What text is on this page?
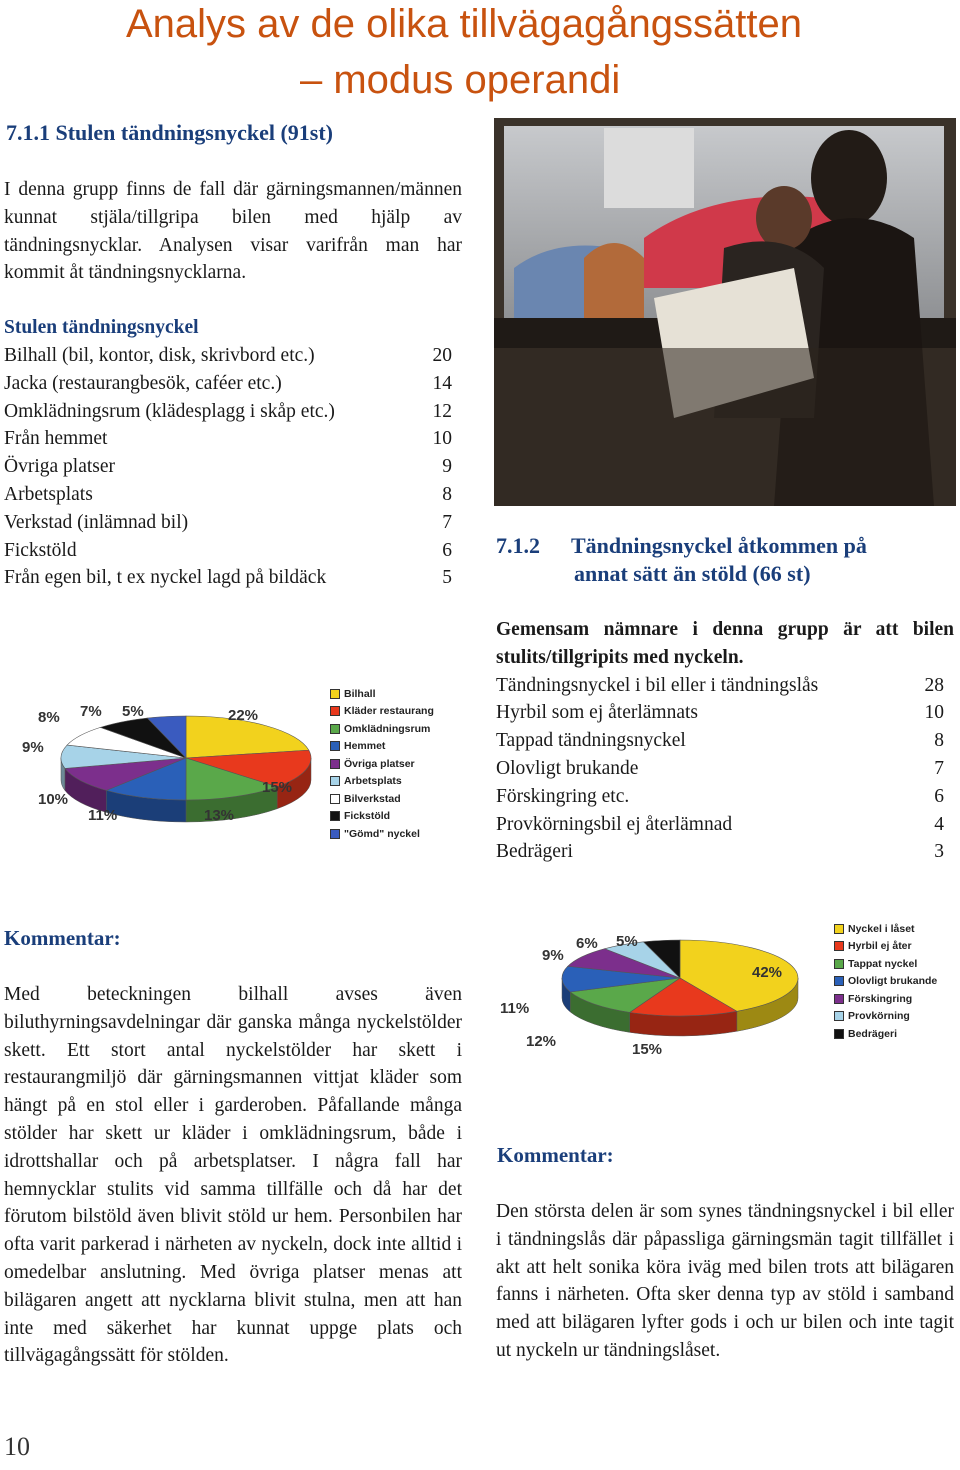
Analys av de olika tillvägagångssätten
– modus operandi
7.1.1 Stulen tändningsnyckel (91st)
I denna grupp finns de fall där gärningsmannen/männen kunnat stjäla/tillgripa bilen med hjälp av tändningsnycklar. Analysen visar varifrån man har kommit åt tändningsnycklarna.
Stulen tändningsnyckel
Bilhall (bil, kontor, disk, skrivbord etc.)	20
Jacka (restaurangbesök, caféer etc.)	14
Omklädningsrum (klädesplagg i skåp etc.)	12
Från hemmet	10
Övriga platser	9
Arbetsplats	8
Verkstad (inlämnad bil)	7
Fickstöld	6
Från egen bil, t ex nyckel lagd på bildäck	5
7.1.2 Tändningsnyckel åtkommen på
annat sätt än stöld (66 st)
Gemensam nämnare i denna grupp är att bilen stulits/tillgripits med nyckeln.
Tändningsnyckel i bil eller i tändningslås	28
Hyrbil som ej återlämnats	10
Tappad tändningsnyckel	8
Olovligt brukande	7
Förskingring etc.	6
Provkörningsbil ej återlämnad	4
Bedrägeri	3
22%
15%
13%
11%
10%
9%
8% 7% 5%
Bilhall
Kläder restaurang
Omklädningsrum
Hemmet
Övriga platser
Arbetsplats
Bilverkstad
Fickstöld
"Gömd" nyckel
42%
15%
12%
11%
9%
6% 5%
Nyckel i låset
Hyrbil ej åter
Tappat nyckel
Olovligt brukande
Förskingring
Provkörning
Bedrägeri
Kommentar:
Med beteckningen bilhall avses även biluthyrningsavdelningar där ganska många nyckelstölder skett. Ett stort antal nyckelstölder har skett i restaurangmiljö där gärningsmannen vittjat kläder som hängt på en stol eller i garderoben. Påfallande många stölder har skett ur kläder i omklädningsrum, både i idrottshallar och på arbetsplatser. I några fall har hemnycklar stulits vid samma tillfälle och då har det förutom bilstöld även blivit stöld ur hem. Personbilen har ofta varit parkerad i närheten av nyckeln, dock inte alltid i omedelbar anslutning. Med övriga platser menas att bilägaren angett att nycklarna blivit stulna, men att han inte med säkerhet har kunnat uppge plats och tillvägagångssätt för stölden.
Kommentar:
Den största delen är som synes tändningsnyckel i bil eller i tändningslås där påpassliga gärningsmän tagit tillfället i akt att helt sonika köra iväg med bilen trots att bilägaren fanns i närheten. Ofta sker denna typ av stöld i samband med att bilägaren lyfter gods i och ur bilen och inte tagit ut nyckeln ur tändningslåset.
10
